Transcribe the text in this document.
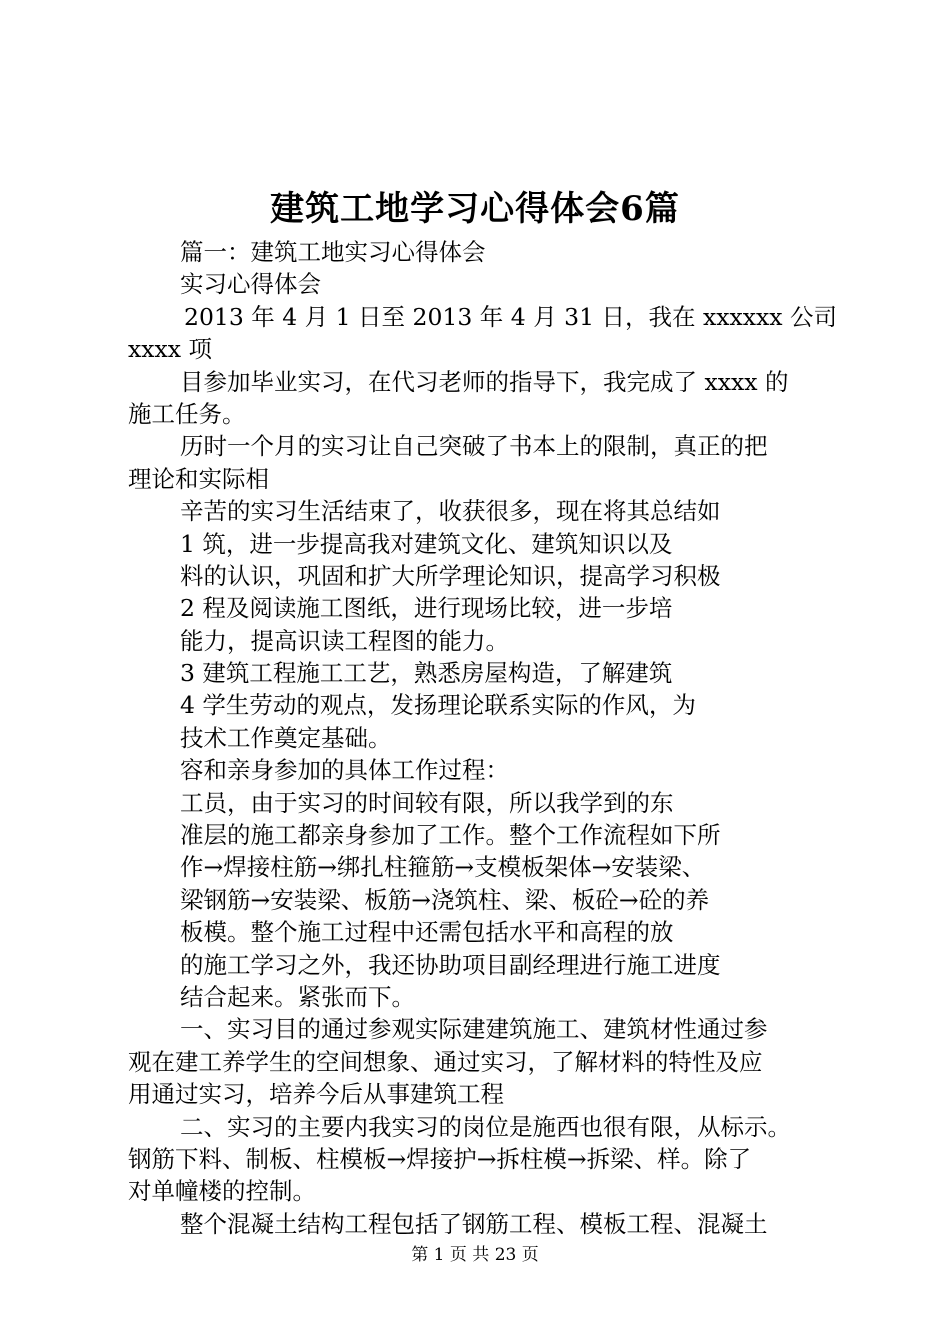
建筑工地学习心得体会6篇
篇一：建筑工地实习心得体会
实习心得体会
2013 年 4 月 1 日至 2013 年 4 月 31 日，我在 xxxxxx 公司
xxxx 项
目参加毕业实习，在代习老师的指导下，我完成了 xxxx 的
施工任务。
历时一个月的实习让自己突破了书本上的限制，真正的把
理论和实际相
辛苦的实习生活结束了，收获很多，现在将其总结如
1 筑，进一步提高我对建筑文化、建筑知识以及
料的认识，巩固和扩大所学理论知识，提高学习积极
2 程及阅读施工图纸，进行现场比较，进一步培
能力，提高识读工程图的能力。
3 建筑工程施工工艺，熟悉房屋构造，了解建筑
4 学生劳动的观点，发扬理论联系实际的作风，为
技术工作奠定基础。
容和亲身参加的具体工作过程：
工员，由于实习的时间较有限，所以我学到的东
准层的施工都亲身参加了工作。整个工作流程如下所
作→焊接柱筋→绑扎柱箍筋→支模板架体→安装梁、
梁钢筋→安装梁、板筋→浇筑柱、梁、板砼→砼的养
板模。整个施工过程中还需包括水平和高程的放
的施工学习之外，我还协助项目副经理进行施工进度
结合起来。紧张而下。
一、实习目的通过参观实际建建筑施工、建筑材性通过参
观在建工养学生的空间想象、通过实习，了解材料的特性及应
用通过实习，培养今后从事建筑工程
二、实习的主要内我实习的岗位是施西也很有限，从标示。
钢筋下料、制板、柱模板→焊接护→拆柱模→拆梁、样。除了
对单幢楼的控制。
整个混凝土结构工程包括了钢筋工程、模板工程、混凝土
第 1 页 共 23 页
